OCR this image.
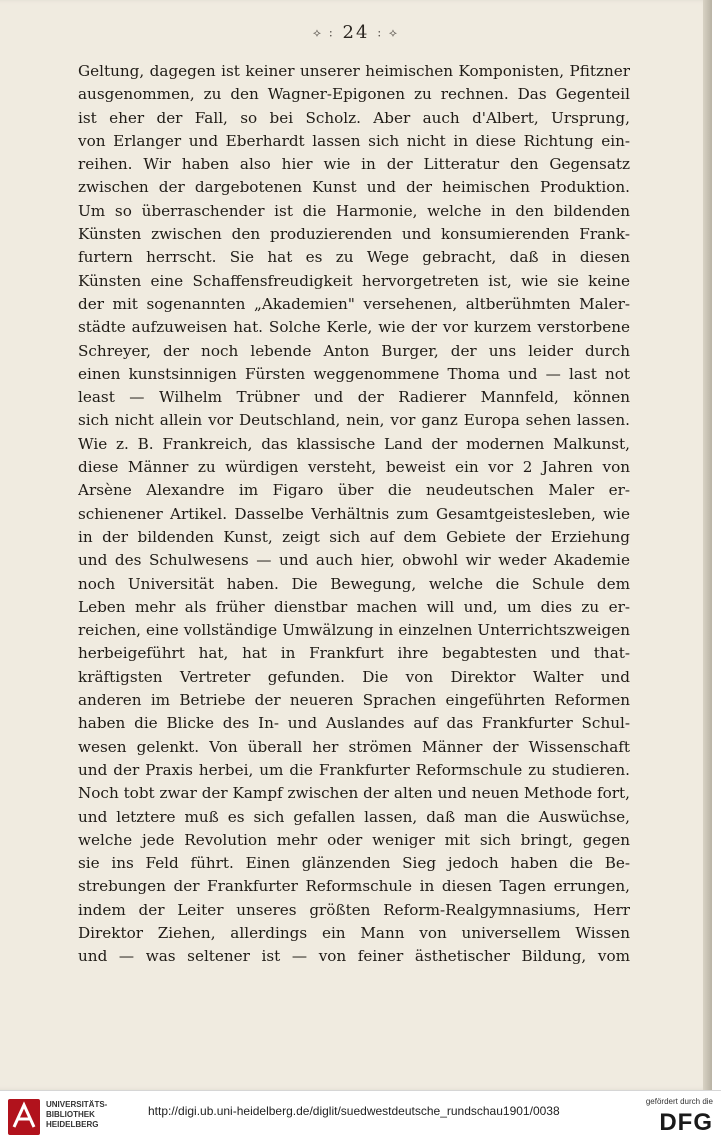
⟡ : 24 : ⟡
Geltung, dagegen ist keiner unserer heimischen Komponisten, Pfitzner
ausgenommen, zu den Wagner-Epigonen zu rechnen. Das Gegenteil
ist eher der Fall, so bei Scholz. Aber auch d'Albert, Ursprung,
von Erlanger und Eberhardt lassen sich nicht in diese Richtung ein-
reihen. Wir haben also hier wie in der Litteratur den Gegensatz
zwischen der dargebotenen Kunst und der heimischen Produktion.
Um so überraschender ist die Harmonie, welche in den bildenden
Künsten zwischen den produzierenden und konsumierenden Frank-
furtern herrscht. Sie hat es zu Wege gebracht, daß in diesen
Künsten eine Schaffensfreudigkeit hervorgetreten ist, wie sie keine
der mit sogenannten „Akademien" versehenen, altberühmten Maler-
städte aufzuweisen hat. Solche Kerle, wie der vor kurzem verstorbene
Schreyer, der noch lebende Anton Burger, der uns leider durch
einen kunstsinnigen Fürsten weggenommene Thoma und — last not
least — Wilhelm Trübner und der Radierer Mannfeld, können
sich nicht allein vor Deutschland, nein, vor ganz Europa sehen lassen.
Wie z. B. Frankreich, das klassische Land der modernen Malkunst,
diese Männer zu würdigen versteht, beweist ein vor 2 Jahren von
Arsène Alexandre im Figaro über die neudeutschen Maler er-
schienener Artikel. Dasselbe Verhältnis zum Gesamtgeistesleben, wie
in der bildenden Kunst, zeigt sich auf dem Gebiete der Erziehung
und des Schulwesens — und auch hier, obwohl wir weder Akademie
noch Universität haben. Die Bewegung, welche die Schule dem
Leben mehr als früher dienstbar machen will und, um dies zu er-
reichen, eine vollständige Umwälzung in einzelnen Unterrichtszweigen
herbeigeführt hat, hat in Frankfurt ihre begabtesten und that-
kräftigsten Vertreter gefunden. Die von Direktor Walter und
anderen im Betriebe der neueren Sprachen eingeführten Reformen
haben die Blicke des In- und Auslandes auf das Frankfurter Schul-
wesen gelenkt. Von überall her strömen Männer der Wissenschaft
und der Praxis herbei, um die Frankfurter Reformschule zu studieren.
Noch tobt zwar der Kampf zwischen der alten und neuen Methode fort,
und letztere muß es sich gefallen lassen, daß man die Auswüchse,
welche jede Revolution mehr oder weniger mit sich bringt, gegen
sie ins Feld führt. Einen glänzenden Sieg jedoch haben die Be-
strebungen der Frankfurter Reformschule in diesen Tagen errungen,
indem der Leiter unseres größten Reform-Realgymnasiums, Herr
Direktor Ziehen, allerdings ein Mann von universellem Wissen
und — was seltener ist — von feiner ästhetischer Bildung, vom
UNIVERSITÄTS-
BIBLIOTHEK
HEIDELBERG
http://digi.ub.uni-heidelberg.de/diglit/suedwestdeutsche_rundschau1901/0038
gefördert durch die
DFG
